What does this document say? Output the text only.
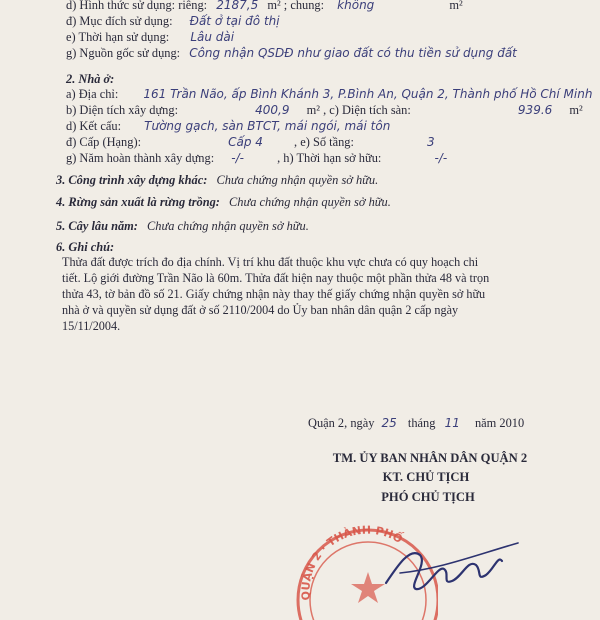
d) Hình thức sử dụng: riêng: 2187,5 m² ; chung: không	m²
đ) Mục đích sử dụng: Đất ở tại đô thị
e) Thời hạn sử dụng: Lâu dài
g) Nguồn gốc sử dụng: Công nhận QSDĐ như giao đất có thu tiền sử dụng đất
2. Nhà ở:
a) Địa chỉ: 161 Trần Não, ấp Bình Khánh 3, P.Bình An, Quận 2, Thành phố Hồ Chí Minh
b) Diện tích xây dựng:	400,9 m² , c) Diện tích sàn:	939.6 m²
d) Kết cấu: Tường gạch, sàn BTCT, mái ngói, mái tôn
đ) Cấp (Hạng):	Cấp 4	, e) Số tầng:	3
g) Năm hoàn thành xây dựng: -/-	, h) Thời hạn sở hữu:	-/-
3. Công trình xây dựng khác: Chưa chứng nhận quyền sở hữu.
4. Rừng sản xuất là rừng trồng: Chưa chứng nhận quyền sở hữu.
5. Cây lâu năm: Chưa chứng nhận quyền sở hữu.
6. Ghi chú:
Thửa đất được trích đo địa chính. Vị trí khu đất thuộc khu vực chưa có quy hoạch chi
tiết. Lộ giới đường Trần Não là 60m. Thửa đất hiện nay thuộc một phần thửa 48 và trọn
thửa 43, tờ bản đồ số 21. Giấy chứng nhận này thay thế giấy chứng nhận quyền sở hữu
nhà ở và quyền sử dụng đất ở số 2110/2004 do Ủy ban nhân dân quận 2 cấp ngày
15/11/2004.
Quận 2, ngày 25 tháng 11 năm 2010
TM. ỦY BAN NHÂN DÂN QUẬN 2
KT. CHỦ TỊCH
PHÓ CHỦ TỊCH
QUẬN 2 · THÀNH PHỐ
